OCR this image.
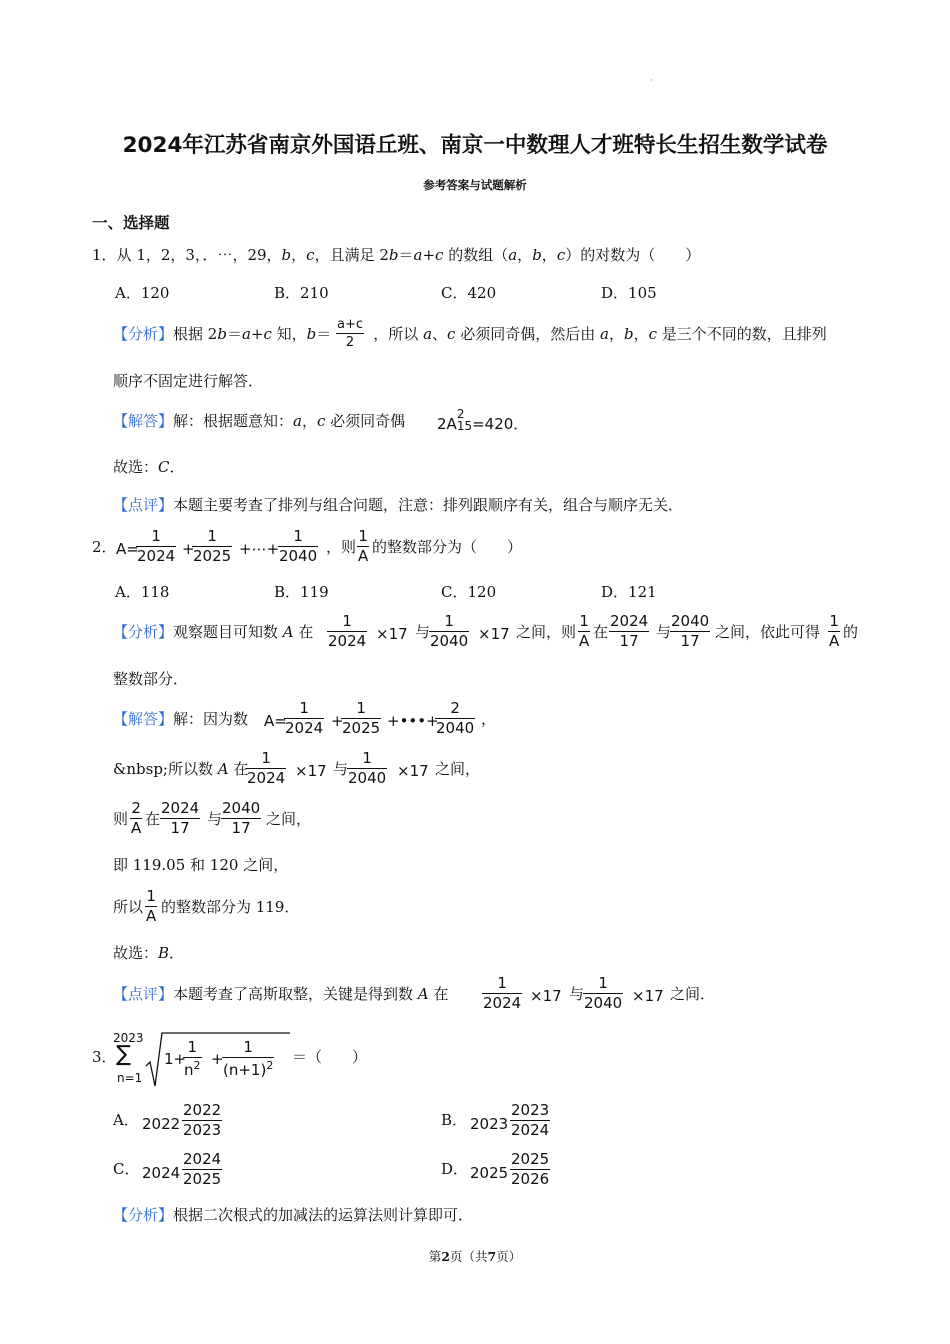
·
2024年江苏省南京外国语丘班、南京一中数理人才班特长生招生数学试卷
参考答案与试题解析
一、选择题
1．从 1，2，3，．⋯，29，b，c，且满足 2b＝a+c 的数组（a，b，c）的对数为（　　）
A．120	B．210	C．420	D．105
【分析】根据 2b＝a+c 知，b＝	，所以 a、c 必须同奇偶，然后由 a，b，c 是三个不同的数，且排列
$\frac{a+c}{2}$
顺序不固定进行解答．
【解答】解：根据题意知：a，c 必须同奇偶 2A
2
15 =420．
故选：C．
【点评】本题主要考查了排列与组合问题，注意：排列跟顺序有关，组合与顺序无关．
2． A=
$\frac{1}{2024}$ +
$\frac{1}{2025}$ +⋯+
$\frac{1}{2040}$ ，则 $\frac{1}{A}$ 的整数部分为（　　）
A．118	B．119	C．120	D．121
【分析】观察题目可知数 A 在 $\frac{1}{2024} \times 17$ 与
$\frac{1}{2040} \times 17$ 之间，则 $\frac{1}{A}$ 在 $\frac{2024}{17}$ 与
$\frac{2040}{17}$ 之间，依此可得 $\frac{1}{A}$ 的
整数部分．
【解答】解：因为数 A=
$\frac{1}{2024}$ +
$\frac{1}{2025}$ +•••+
$\frac{2}{2040}$ ，
&nbsp;所以数 A 在
$\frac{1}{2024} \times 17$ 与
$\frac{1}{2040} \times 17$ 之间，
则 $\frac{2}{A}$ 在 $\frac{2024}{17}$ 与
$\frac{2040}{17}$ 之间，
即 119.05 和 120 之间，
所以 $\frac{1}{A}$ 的整数部分为 119．
故选：B．
【点评】本题考查了高斯取整，关键是得到数 A 在 $\frac{1}{2024} \times 17$ 与
$\frac{1}{2040} \times 17$ 之间．
3．
2023
∑
n=1
1+
$\frac{1}{n^2}$ +
$\frac{1}{(n+1)^2}$ ＝（　　）
A． $2022 \frac{2022}{2023}$	B． $2023 \frac{2023}{2024}$
C． $2024 \frac{2024}{2025}$	D． $2025 \frac{2025}{2026}$
【分析】根据二次根式的加减法的运算法则计算即可．
第2页（共7页）
